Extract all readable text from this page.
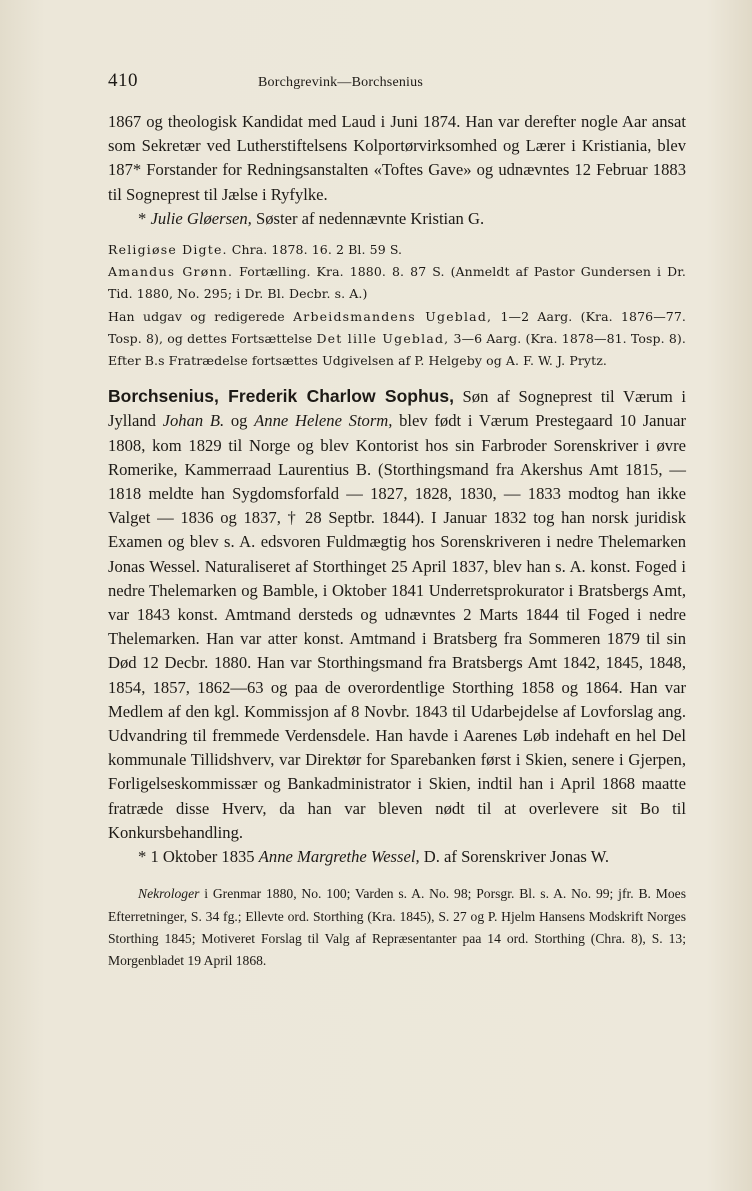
410	Borchgrevink—Borchsenius

1867 og theologisk Kandidat med Laud i Juni 1874. Han var derefter nogle Aar ansat som Sekretær ved Lutherstiftelsens Kolportørvirksomhed og Lærer i Kristiania, blev 187* Forstander for Redningsanstalten «Toftes Gave» og udnævntes 12 Februar 1883 til Sogneprest til Jælse i Ryfylke.

* Julie Gløersen, Søster af nedennævnte Kristian G.

Religiøse Digte. Chra. 1878. 16. 2 Bl. 59 S.

Amandus Grønn. Fortælling. Kra. 1880. 8. 87 S. (Anmeldt af Pastor Gundersen i Dr. Tid. 1880, No. 295; i Dr. Bl. Decbr. s. A.)

Han udgav og redigerede Arbeidsmandens Ugeblad, 1—2 Aarg. (Kra. 1876—77. Tosp. 8), og dettes Fortsættelse Det lille Ugeblad, 3—6 Aarg. (Kra. 1878—81. Tosp. 8). Efter B.s Fratrædelse fortsættes Udgivelsen af P. Helgeby og A. F. W. J. Prytz.

Borchsenius, Frederik Charlow Sophus, Søn af Sogneprest til Værum i Jylland Johan B. og Anne Helene Storm, blev født i Værum Prestegaard 10 Januar 1808, kom 1829 til Norge og blev Kontorist hos sin Farbroder Sorenskriver i øvre Romerike, Kammerraad Laurentius B. (Storthingsmand fra Akershus Amt 1815, — 1818 meldte han Sygdomsforfald — 1827, 1828, 1830, — 1833 modtog han ikke Valget — 1836 og 1837, † 28 Septbr. 1844). I Januar 1832 tog han norsk juridisk Examen og blev s. A. edsvoren Fuldmægtig hos Sorenskriveren i nedre Thelemarken Jonas Wessel. Naturaliseret af Storthinget 25 April 1837, blev han s. A. konst. Foged i nedre Thelemarken og Bamble, i Oktober 1841 Underretsprokurator i Bratsbergs Amt, var 1843 konst. Amtmand dersteds og udnævntes 2 Marts 1844 til Foged i nedre Thelemarken. Han var atter konst. Amtmand i Bratsberg fra Sommeren 1879 til sin Død 12 Decbr. 1880. Han var Storthingsmand fra Bratsbergs Amt 1842, 1845, 1848, 1854, 1857, 1862—63 og paa de overordentlige Storthing 1858 og 1864. Han var Medlem af den kgl. Kommissjon af 8 Novbr. 1843 til Udarbejdelse af Lovforslag ang. Udvandring til fremmede Verdensdele. Han havde i Aarenes Løb indehaft en hel Del kommunale Tillidshverv, var Direktør for Sparebanken først i Skien, senere i Gjerpen, Forligelseskommissær og Bankadministrator i Skien, indtil han i April 1868 maatte fratræde disse Hverv, da han var bleven nødt til at overlevere sit Bo til Konkursbehandling.

* 1 Oktober 1835 Anne Margrethe Wessel, D. af Sorenskriver Jonas W.

Nekrologer i Grenmar 1880, No. 100; Varden s. A. No. 98; Porsgr. Bl. s. A. No. 99; jfr. B. Moes Efterretninger, S. 34 fg.; Ellevte ord. Storthing (Kra. 1845), S. 27 og P. Hjelm Hansens Modskrift Norges Storthing 1845; Motiveret Forslag til Valg af Repræsentanter paa 14 ord. Storthing (Chra. 8), S. 13; Morgenbladet 19 April 1868.
